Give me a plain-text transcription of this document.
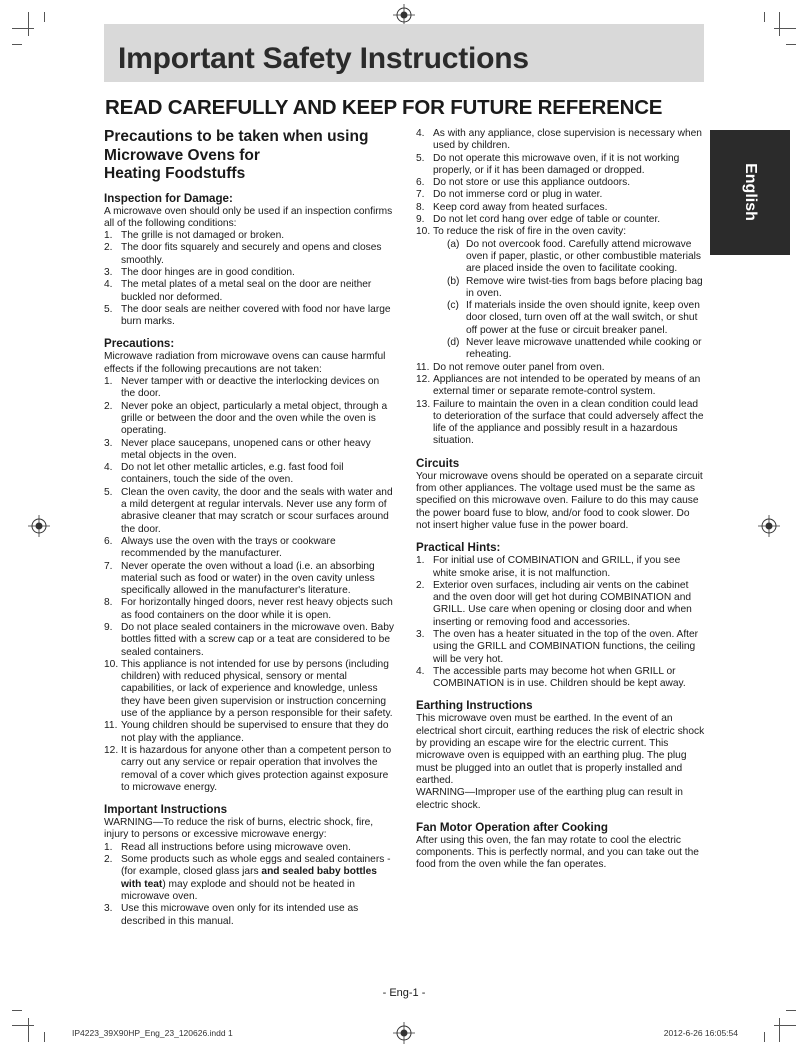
Important Safety Instructions
READ CAREFULLY AND KEEP FOR FUTURE REFERENCE
English
Precautions to be taken when using
Microwave Ovens for
Heating Foodstuffs
Inspection for Damage:

A microwave oven should only be used if an inspection confirms all of the following conditions:

1. The grille is not damaged or broken.
2. The door fits squarely and securely and opens and closes smoothly.
3. The door hinges are in good condition.
4. The metal plates of a metal seal on the door are neither buckled nor deformed.
5. The door seals are neither covered with food nor have large burn marks.
Precautions:

Microwave radiation from microwave ovens can cause harmful effects if the following precautions are not taken:

1. Never tamper with or deactive the interlocking devices on the door.
2. Never poke an object, particularly a metal object, through a grille or between the door and the oven while the oven is operating.
3. Never place saucepans, unopened cans or other heavy metal objects in the oven.
4. Do not let other metallic articles, e.g. fast food foil containers, touch the side of the oven.
5. Clean the oven cavity, the door and the seals with water and a mild detergent at regular intervals. Never use any form of abrasive cleaner that may scratch or scour surfaces around the door.
6. Always use the oven with the trays or cookware recommended by the manufacturer.
7. Never operate the oven without a load (i.e. an absorbing material such as food or water) in the oven cavity unless specifically allowed in the manufacturer's literature.
8. For horizontally hinged doors, never rest heavy objects such as food containers on the door while it is open.
9. Do not place sealed containers in the microwave oven. Baby bottles fitted with a screw cap or a teat are considered to be sealed containers.
10. This appliance is not intended for use by persons (including children) with reduced physical, sensory or mental capabilities, or lack of experience and knowledge, unless they have been given supervision or instruction concerning use of the appliance by a person responsible for their safety.
11. Young children should be supervised to ensure that they do not play with the appliance.
12. It is hazardous for anyone other than a competent person to carry out any service or repair operation that involves the removal of a cover which gives protection against exposure to microwave energy.
Important Instructions

WARNING—To reduce the risk of burns, electric shock, fire, injury to persons or excessive microwave energy:

1. Read all instructions before using microwave oven.
2. Some products such as whole eggs and sealed containers - (for example, closed glass jars and sealed baby bottles with teat) may explode and should not be heated in microwave oven.
3. Use this microwave oven only for its intended use as described in this manual.
4. As with any appliance, close supervision is necessary when used by children.
5. Do not operate this microwave oven, if it is not working properly, or if it has been damaged or dropped.
6. Do not store or use this appliance outdoors.
7. Do not immerse cord or plug in water.
8. Keep cord away from heated surfaces.
9. Do not let cord hang over edge of table or counter.
10. To reduce the risk of fire in the oven cavity:
(a) Do not overcook food. Carefully attend microwave oven if paper, plastic, or other combustible materials are placed inside the oven to facilitate cooking.
(b) Remove wire twist-ties from bags before placing bag in oven.
(c) If materials inside the oven should ignite, keep oven door closed, turn oven off at the wall switch, or shut off power at the fuse or circuit breaker panel.
(d) Never leave microwave unattended while cooking or reheating.
11. Do not remove outer panel from oven.
12. Appliances are not intended to be operated by means of an external timer or separate remote-control system.
13. Failure to maintain the oven in a clean condition could lead to deterioration of the surface that could adversely affect the life of the appliance and possibly result in a hazardous situation.
Circuits

Your microwave ovens should be operated on a separate circuit from other appliances. The voltage used must be the same as specified on this microwave oven. Failure to do this may cause the power board fuse to blow, and/or food to cook slower. Do not insert higher value fuse in the power board.

Practical Hints:
1. For initial use of COMBINATION and GRILL, if you see white smoke arise, it is not malfunction.
2. Exterior oven surfaces, including air vents on the cabinet and the oven door will get hot during COMBINATION and GRILL. Use care when opening or closing door and when inserting or removing food and accessories.
3. The oven has a heater situated in the top of the oven. After using the GRILL and COMBINATION functions, the ceiling will be very hot.
4. The accessible parts may become hot when GRILL or COMBINATION is in use. Children should be kept away.
Earthing Instructions

This microwave oven must be earthed. In the event of an electrical short circuit, earthing reduces the risk of electric shock by providing an escape wire for the electric current. This microwave oven is equipped with an earthing plug. The plug must be plugged into an outlet that is properly installed and earthed.

WARNING—Improper use of the earthing plug can result in electric shock.

Fan Motor Operation after Cooking

After using this oven, the fan may rotate to cool the electric components. This is perfectly normal, and you can take out the food from the oven while the fan operates.

- Eng-1 -
IP4223_39X90HP_Eng_23_120626.indd 1	2012-6-26 16:05:54
